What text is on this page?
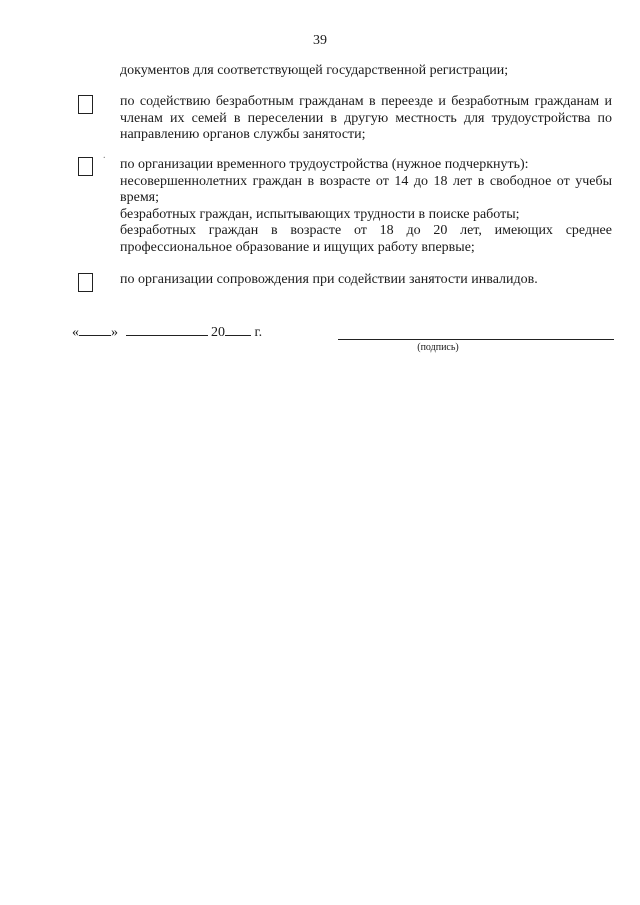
39
документов для соответствующей государственной регистрации;
по содействию безработным гражданам в переезде и безработным гражданам и членам их семей в переселении в другую местность для трудоустройства по направлению органов службы занятости;
.
по организации временного трудоустройства (нужное подчеркнуть):
несовершеннолетних граждан в возрасте от 14 до 18 лет в свободное от учебы время;
безработных граждан, испытывающих трудности в поиске работы;
безработных граждан в возрасте от 18 до 20 лет, имеющих среднее профессиональное образование и ищущих работу впервые;
по организации сопровождения при содействии занятости инвалидов.
« »	20 г.
(подпись)
